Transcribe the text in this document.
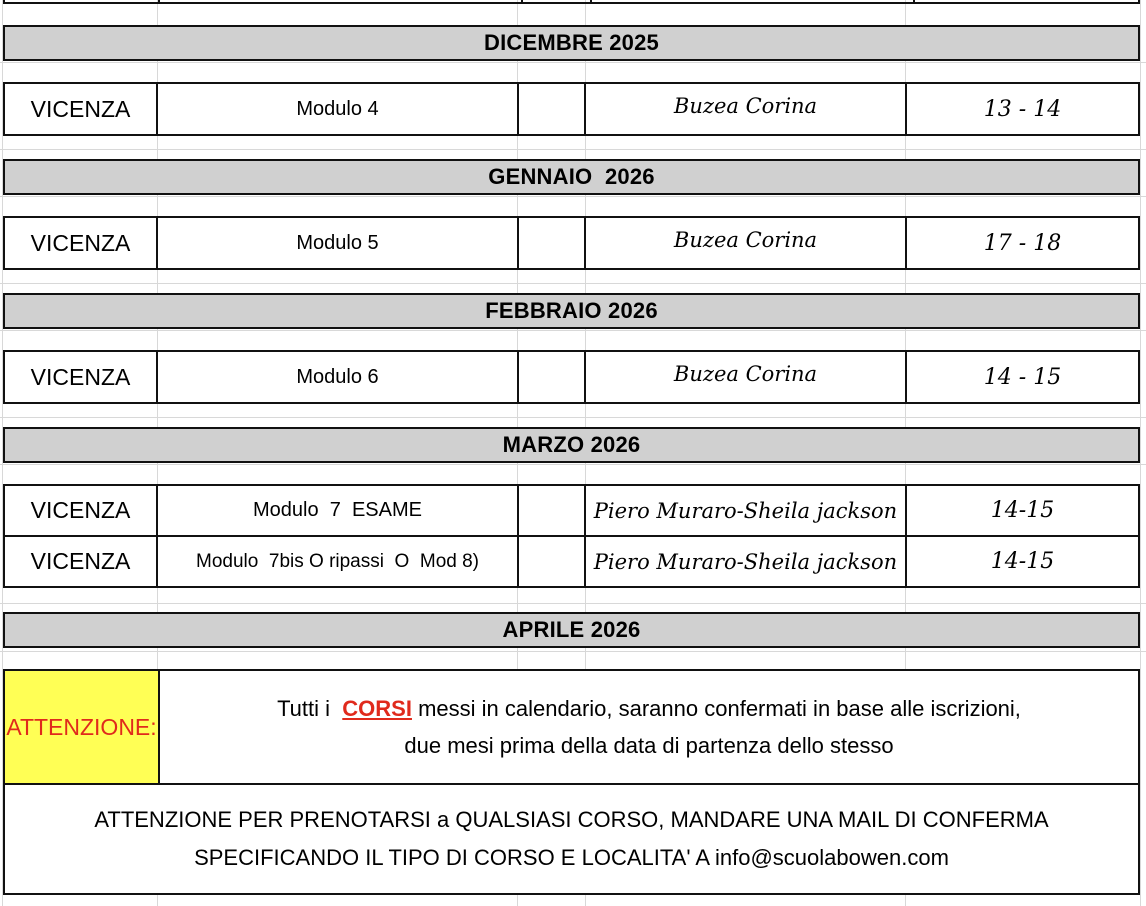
DICEMBRE 2025
VICENZA	Modulo 4	Buzea Corina	13 - 14
GENNAIO  2026
VICENZA	Modulo 5	Buzea Corina	17 - 18
FEBBRAIO 2026
VICENZA	Modulo 6	Buzea Corina	14 - 15
MARZO 2026
VICENZA	Modulo  7  ESAME	Piero Muraro-Sheila jackson	14-15
VICENZA	Modulo  7bis O ripassi  O  Mod 8)	Piero Muraro-Sheila jackson	14-15
APRILE 2026
ATTENZIONE:
Tutti i  CORSI messi in calendario, saranno confermati in base alle iscrizioni,
due mesi prima della data di partenza dello stesso
ATTENZIONE PER PRENOTARSI a QUALSIASI CORSO, MANDARE UNA MAIL DI CONFERMA
SPECIFICANDO IL TIPO DI CORSO E LOCALITA' A info@scuolabowen.com
